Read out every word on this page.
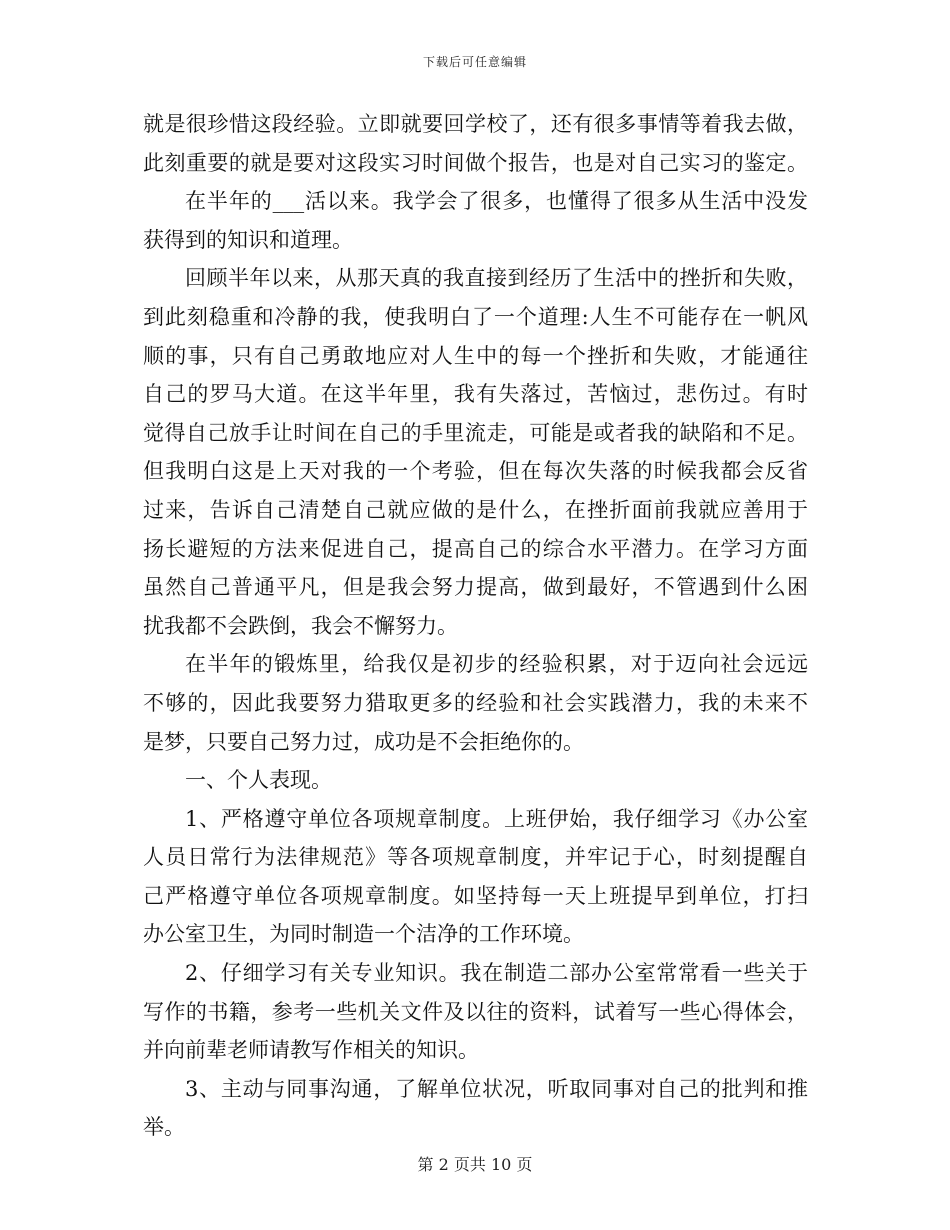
下载后可任意编辑
就是很珍惜这段经验。立即就要回学校了，还有很多事情等着我去做，
此刻重要的就是要对这段实习时间做个报告，也是对自己实习的鉴定。
在半年的___活以来。我学会了很多，也懂得了很多从生活中没发
获得到的知识和道理。
回顾半年以来，从那天真的我直接到经历了生活中的挫折和失败，
到此刻稳重和冷静的我，使我明白了一个道理:人生不可能存在一帆风
顺的事，只有自己勇敢地应对人生中的每一个挫折和失败，才能通往
自己的罗马大道。在这半年里，我有失落过，苦恼过，悲伤过。有时
觉得自己放手让时间在自己的手里流走，可能是或者我的缺陷和不足。
但我明白这是上天对我的一个考验，但在每次失落的时候我都会反省
过来，告诉自己清楚自己就应做的是什么，在挫折面前我就应善用于
扬长避短的方法来促进自己，提高自己的综合水平潜力。在学习方面
虽然自己普通平凡，但是我会努力提高，做到最好，不管遇到什么困
扰我都不会跌倒，我会不懈努力。
在半年的锻炼里，给我仅是初步的经验积累，对于迈向社会远远
不够的，因此我要努力猎取更多的经验和社会实践潜力，我的未来不
是梦，只要自己努力过，成功是不会拒绝你的。
一、个人表现。
1、严格遵守单位各项规章制度。上班伊始，我仔细学习《办公室
人员日常行为法律规范》等各项规章制度，并牢记于心，时刻提醒自
己严格遵守单位各项规章制度。如坚持每一天上班提早到单位，打扫
办公室卫生，为同时制造一个洁净的工作环境。
2、仔细学习有关专业知识。我在制造二部办公室常常看一些关于
写作的书籍，参考一些机关文件及以往的资料，试着写一些心得体会，
并向前辈老师请教写作相关的知识。
3、主动与同事沟通，了解单位状况，听取同事对自己的批判和推
举。
第 2 页共 10 页
